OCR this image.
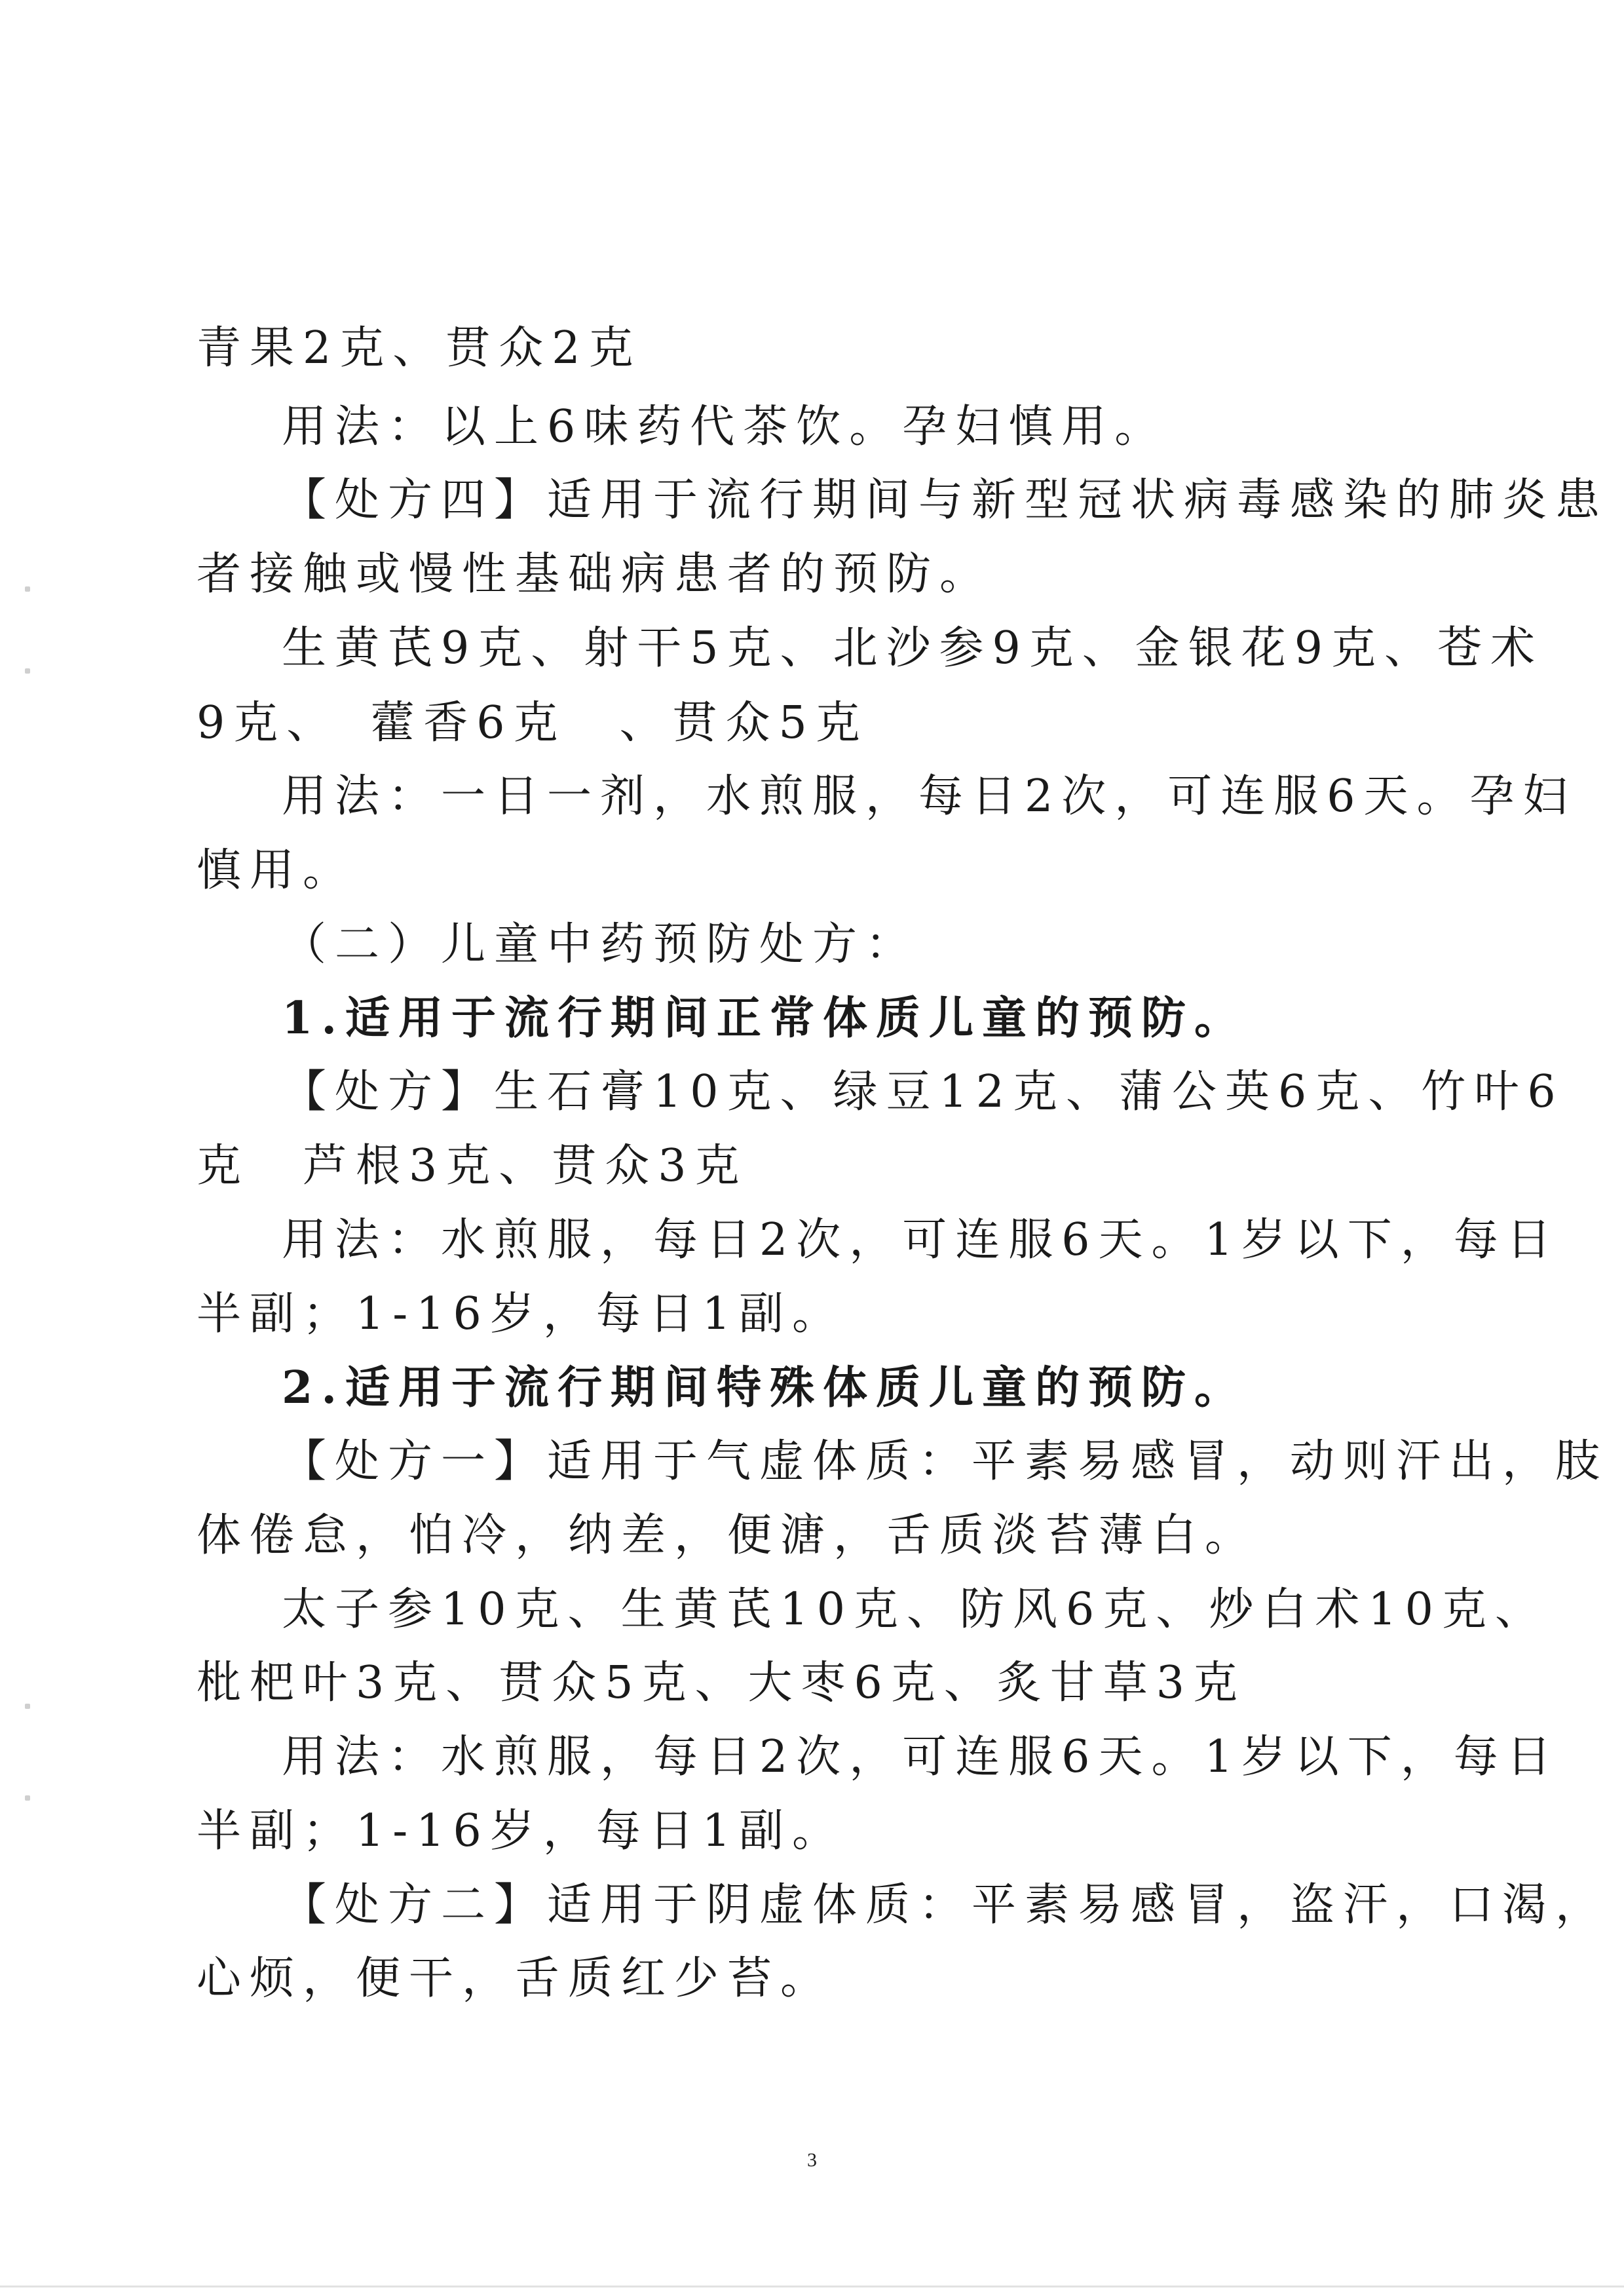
青果2克、贯众2克
用法：以上6味药代茶饮。孕妇慎用。
【处方四】适用于流行期间与新型冠状病毒感染的肺炎患
者接触或慢性基础病患者的预防。
生黄芪9克、射干5克、北沙参9克、金银花9克、苍术
9克、　藿香6克　、贯众5克
用法：一日一剂，水煎服，每日2次，可连服6天。孕妇
慎用。
（二）儿童中药预防处方：
1.适用于流行期间正常体质儿童的预防。
【处方】生石膏10克、绿豆12克、蒲公英6克、竹叶6
克　芦根3克、贯众3克
用法：水煎服，每日2次，可连服6天。1岁以下，每日
半副；1-16岁，每日1副。
2.适用于流行期间特殊体质儿童的预防。
【处方一】适用于气虚体质：平素易感冒，动则汗出，肢
体倦怠，怕冷，纳差，便溏，舌质淡苔薄白。
太子参10克、生黄芪10克、防风6克、炒白术10克、
枇杷叶3克、贯众5克、大枣6克、炙甘草3克
用法：水煎服，每日2次，可连服6天。1岁以下，每日
半副；1-16岁，每日1副。
【处方二】适用于阴虚体质：平素易感冒，盗汗，口渴，
心烦，便干，舌质红少苔。
3
